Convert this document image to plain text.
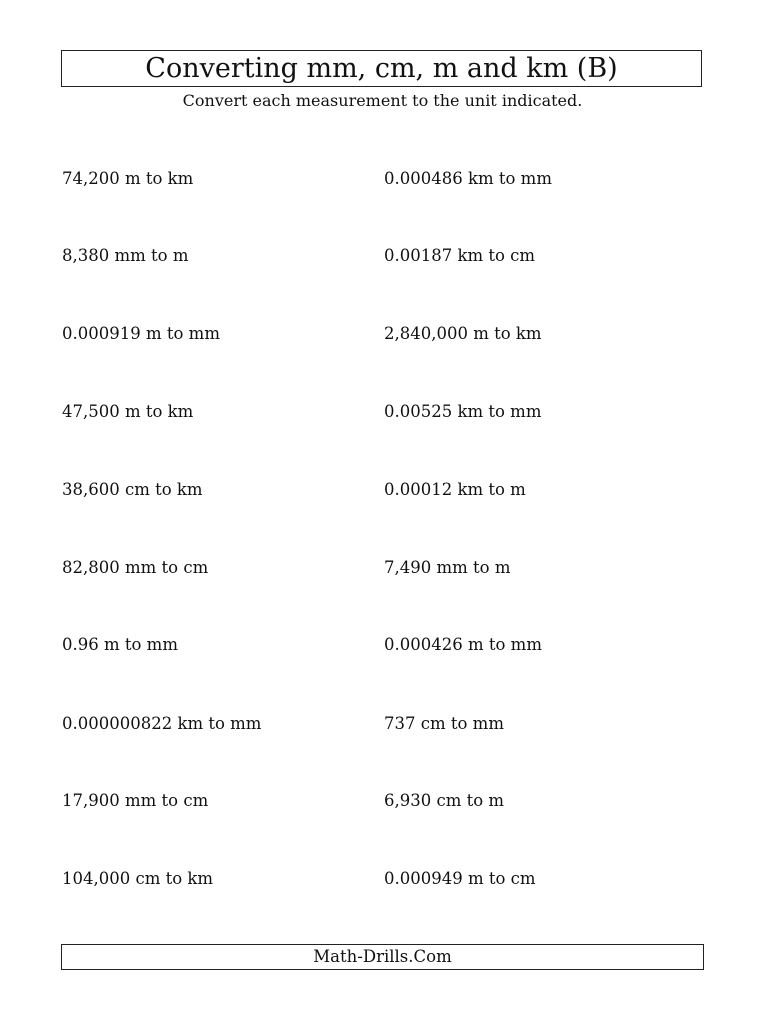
Converting mm, cm, m and km (B)
Convert each measurement to the unit indicated.
74,200 m to km
8,380 mm to m
0.000919 m to mm
47,500 m to km
38,600 cm to km
82,800 mm to cm
0.96 m to mm
0.000000822 km to mm
17,900 mm to cm
104,000 cm to km
0.000486 km to mm
0.00187 km to cm
2,840,000 m to km
0.00525 km to mm
0.00012 km to m
7,490 mm to m
0.000426 m to mm
737 cm to mm
6,930 cm to m
0.000949 m to cm
Math-Drills.Com
